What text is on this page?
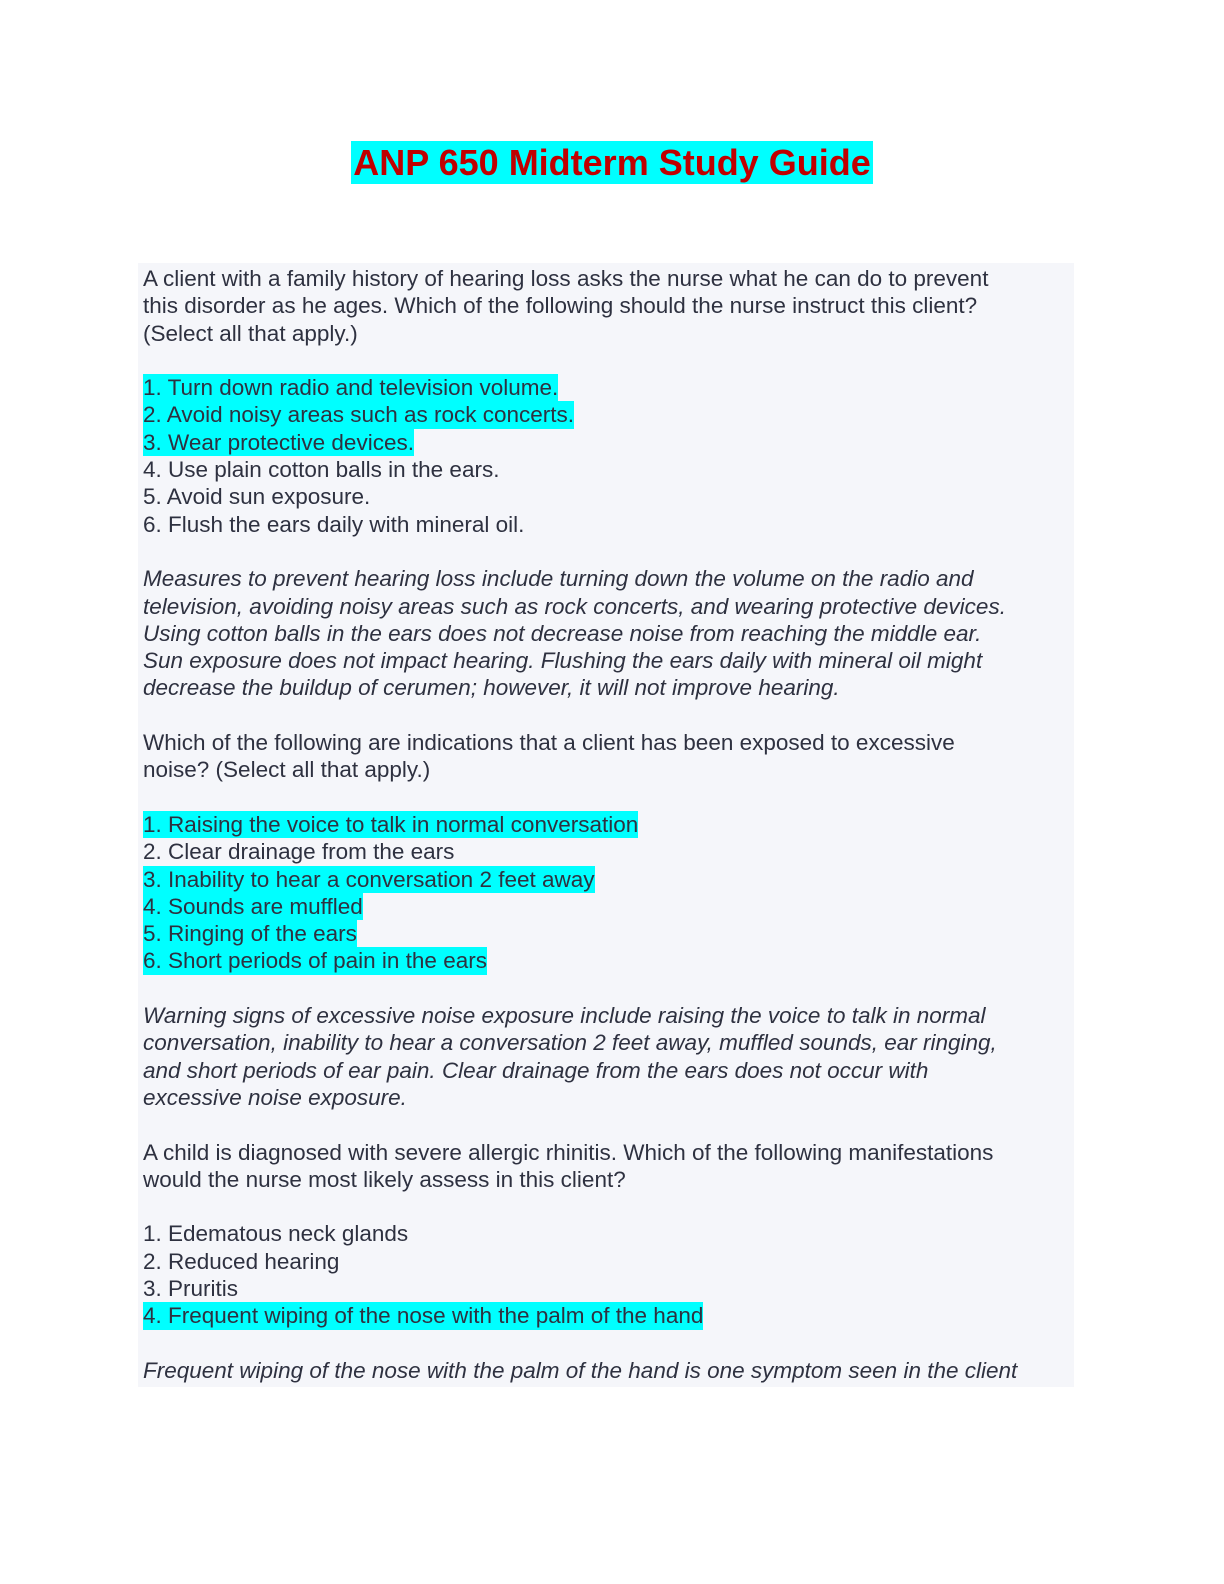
ANP 650 Midterm Study Guide

A client with a family history of hearing loss asks the nurse what he can do to prevent

this disorder as he ages. Which of the following should the nurse instruct this client?

(Select all that apply.)

1. Turn down radio and television volume.

2. Avoid noisy areas such as rock concerts.

3. Wear protective devices.

4. Use plain cotton balls in the ears.

5. Avoid sun exposure.

6. Flush the ears daily with mineral oil.

Measures to prevent hearing loss include turning down the volume on the radio and

television, avoiding noisy areas such as rock concerts, and wearing protective devices.

Using cotton balls in the ears does not decrease noise from reaching the middle ear.

Sun exposure does not impact hearing. Flushing the ears daily with mineral oil might

decrease the buildup of cerumen; however, it will not improve hearing.

Which of the following are indications that a client has been exposed to excessive

noise? (Select all that apply.)

1. Raising the voice to talk in normal conversation

2. Clear drainage from the ears

3. Inability to hear a conversation 2 feet away

4. Sounds are muffled

5. Ringing of the ears

6. Short periods of pain in the ears

Warning signs of excessive noise exposure include raising the voice to talk in normal

conversation, inability to hear a conversation 2 feet away, muffled sounds, ear ringing,

and short periods of ear pain. Clear drainage from the ears does not occur with

excessive noise exposure.

A child is diagnosed with severe allergic rhinitis. Which of the following manifestations

would the nurse most likely assess in this client?

1. Edematous neck glands

2. Reduced hearing

3. Pruritis

4. Frequent wiping of the nose with the palm of the hand

Frequent wiping of the nose with the palm of the hand is one symptom seen in the client
